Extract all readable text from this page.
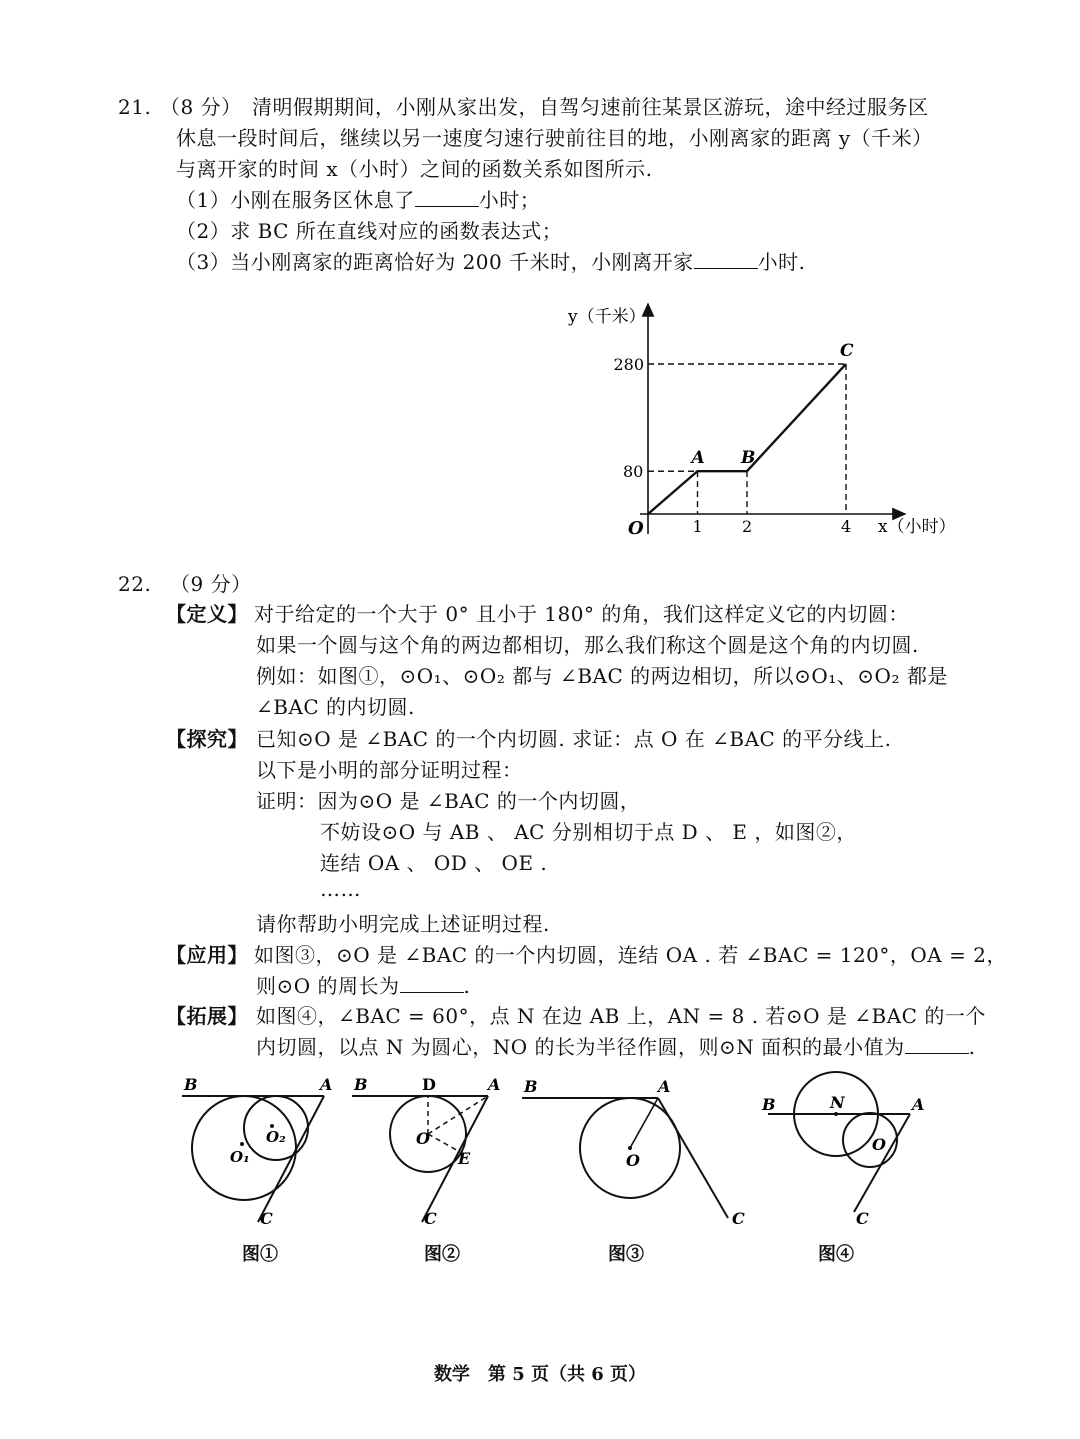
21. （8 分） 清明假期期间，小刚从家出发，自驾匀速前往某景区游玩，途中经过服务区
休息一段时间后，继续以另一速度匀速行驶前往目的地，小刚离家的距离 y（千米）
与离开家的时间 x（小时）之间的函数关系如图所示.
（1）小刚在服务区休息了	小时；
（2）求 BC 所在直线对应的函数表达式；
（3）当小刚离家的距离恰好为 200 千米时，小刚离开家	小时.
A B
C
1 2	4
80
280
y（千米）
x（小时）
O
22. （9 分）
【定义】 对于给定的一个大于 0° 且小于 180° 的角，我们这样定义它的内切圆：
如果一个圆与这个角的两边都相切，那么我们称这个圆是这个角的内切圆.
例如：如图①，⊙O₁、⊙O₂ 都与 ∠BAC 的两边相切，所以⊙O₁、⊙O₂ 都是
∠BAC 的内切圆.
【探究】 已知⊙O 是 ∠BAC 的一个内切圆. 求证：点 O 在 ∠BAC 的平分线上.
以下是小明的部分证明过程：
证明：因为⊙O 是 ∠BAC 的一个内切圆，
不妨设⊙O 与 AB 、 AC 分别相切于点 D 、 E ，如图②，
连结 OA 、 OD 、 OE .
……
请你帮助小明完成上述证明过程.
【应用】 如图③，⊙O 是 ∠BAC 的一个内切圆，连结 OA . 若 ∠BAC = 120°，OA = 2，
则⊙O 的周长为	.
【拓展】 如图④，∠BAC = 60°，点 N 在边 AB 上，AN = 8 . 若⊙O 是 ∠BAC 的一个
内切圆，以点 N 为圆心，NO 的长为半径作圆，则⊙N 面积的最小值为	.
B	A
O₁
O₂
C
图①
B	D	A
O
E
C
图②
B	A
O
C
图③
B	N	A
O
C
图④
数学　第 5 页（共 6 页）
